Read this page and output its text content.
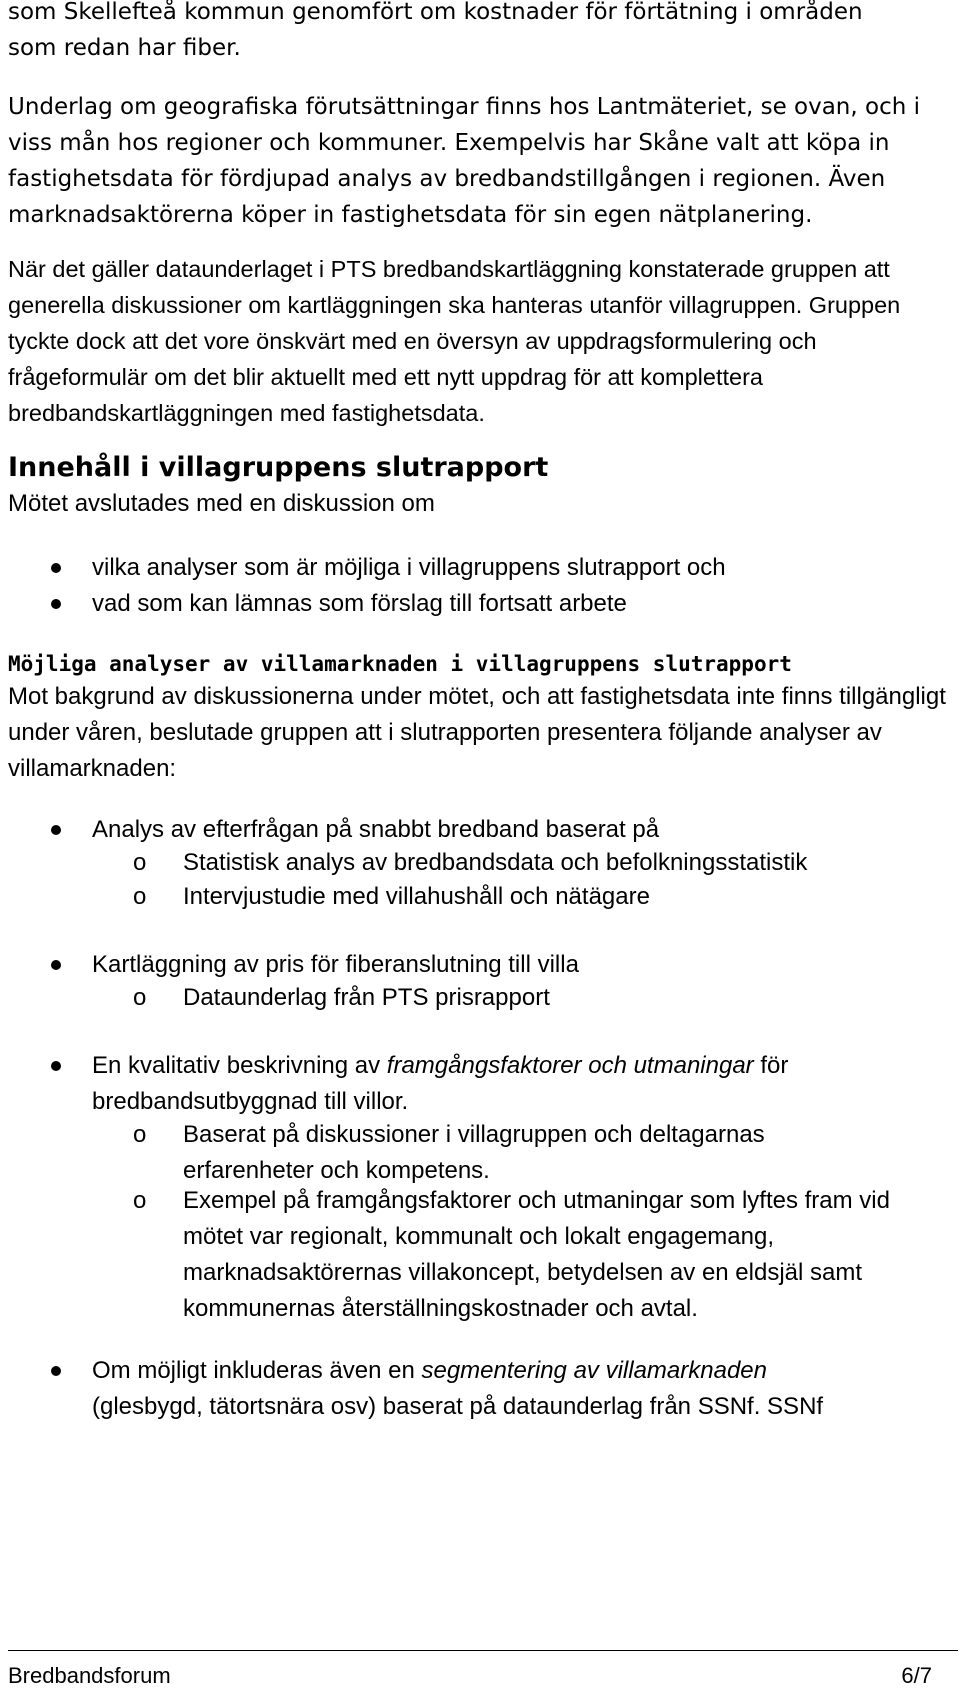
som Skellefteå kommun genomfört om kostnader för förtätning i områden

som redan har fiber.

Underlag om geografiska förutsättningar finns hos Lantmäteriet, se ovan, och i viss mån hos regioner och kommuner. Exempelvis har Skåne valt att köpa in fastighetsdata för fördjupad analys av bredbandstillgången i regionen. Även marknadsaktörerna köper in fastighetsdata för sin egen nätplanering.

När det gäller dataunderlaget i PTS bredbandskartläggning konstaterade gruppen att generella diskussioner om kartläggningen ska hanteras utanför villagruppen. Gruppen tyckte dock att det vore önskvärt med en översyn av uppdragsformulering och frågeformulär om det blir aktuellt med ett nytt uppdrag för att komplettera bredbandskartläggningen med fastighetsdata.

Innehåll i villagruppens slutrapport

Mötet avslutades med en diskussion om

vilka analyser som är möjliga i villagruppens slutrapport och
vad som kan lämnas som förslag till fortsatt arbete
Möjliga analyser av villamarknaden i villagruppens slutrapport

Mot bakgrund av diskussionerna under mötet, och att fastighetsdata inte finns tillgängligt under våren, beslutade gruppen att i slutrapporten presentera följande analyser av villamarknaden:

Analys av efterfrågan på snabbt bredband baserat på
o Statistisk analys av bredbandsdata och befolkningsstatistik
o Intervjustudie med villahushåll och nätägare
Kartläggning av pris för fiberanslutning till villa
o Dataunderlag från PTS prisrapport
En kvalitativ beskrivning av framgångsfaktorer och utmaningar för bredbandsutbyggnad till villor.
o Baserat på diskussioner i villagruppen och deltagarnas erfarenheter och kompetens.
o Exempel på framgångsfaktorer och utmaningar som lyftes fram vid mötet var regionalt, kommunalt och lokalt engagemang, marknadsaktörernas villakoncept, betydelsen av en eldsjäl samt kommunernas återställningskostnader och avtal.
Om möjligt inkluderas även en segmentering av villamarknaden (glesbygd, tätortsnära osv) baserat på dataunderlag från SSNf. SSNf
Bredbandsforum	6/7
